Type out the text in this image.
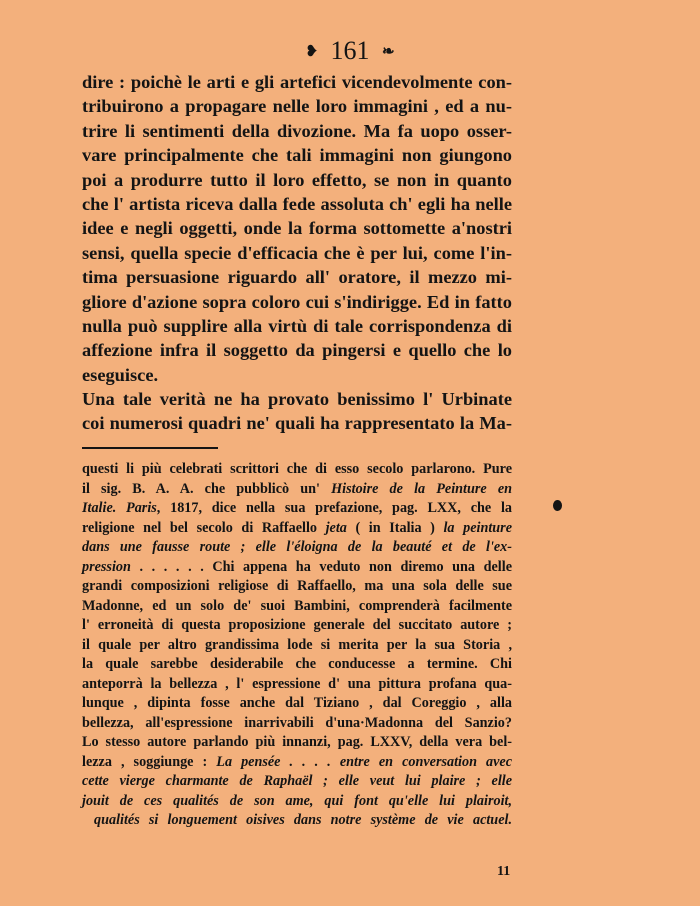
❥ 161 ❧
dire : poichè le arti e gli artefici vicendevolmente con-
tribuirono a propagare nelle loro immagini , ed a nu-
trire li sentimenti della divozione. Ma fa uopo osser-
vare principalmente che tali immagini non giungono
poi a produrre tutto il loro effetto, se non in quanto
che l' artista riceva dalla fede assoluta ch' egli ha nelle
idee e negli oggetti, onde la forma sottomette a'nostri
sensi, quella specie d'efficacia che è per lui, come l'in-
tima persuasione riguardo all' oratore, il mezzo mi-
gliore d'azione sopra coloro cui s'indirigge. Ed in fatto
nulla può supplire alla virtù di tale corrispondenza di
affezione infra il soggetto da pingersi e quello che lo
eseguisce.
Una tale verità ne ha provato benissimo l' Urbinate
coi numerosi quadri ne' quali ha rappresentato la Ma-
questi li più celebrati scrittori che di esso secolo parlarono. Pure
il sig. B. A. A. che pubblicò un' Histoire de la Peinture en
Italie. Paris, 1817, dice nella sua prefazione, pag. LXX, che la
religione nel bel secolo di Raffaello jeta ( in Italia ) la peinture
dans une fausse route ; elle l'éloigna de la beauté et de l'ex-
pression . . . . . . Chi appena ha veduto non diremo una delle
grandi composizioni religiose di Raffaello, ma una sola delle sue
Madonne, ed un solo de' suoi Bambini, comprenderà facilmente
l' erroneità di questa proposizione generale del succitato autore ;
il quale per altro grandissima lode si merita per la sua Storia ,
la quale sarebbe desiderabile che conducesse a termine. Chi
anteporrà la bellezza , l' espressione d' una pittura profana qua-
lunque , dipinta fosse anche dal Tiziano , dal Coreggio , alla
bellezza, all'espressione inarrivabili d'una·Madonna del Sanzio?
Lo stesso autore parlando più innanzi, pag. LXXV, della vera bel-
lezza , soggiunge : La pensée . . . . entre en conversation avec
cette vierge charmante de Raphaël ; elle veut lui plaire ; elle
jouit de ces qualités de son ame, qui font qu'elle lui plairoit,
qualités si longuement oisives dans notre système de vie actuel.
11
